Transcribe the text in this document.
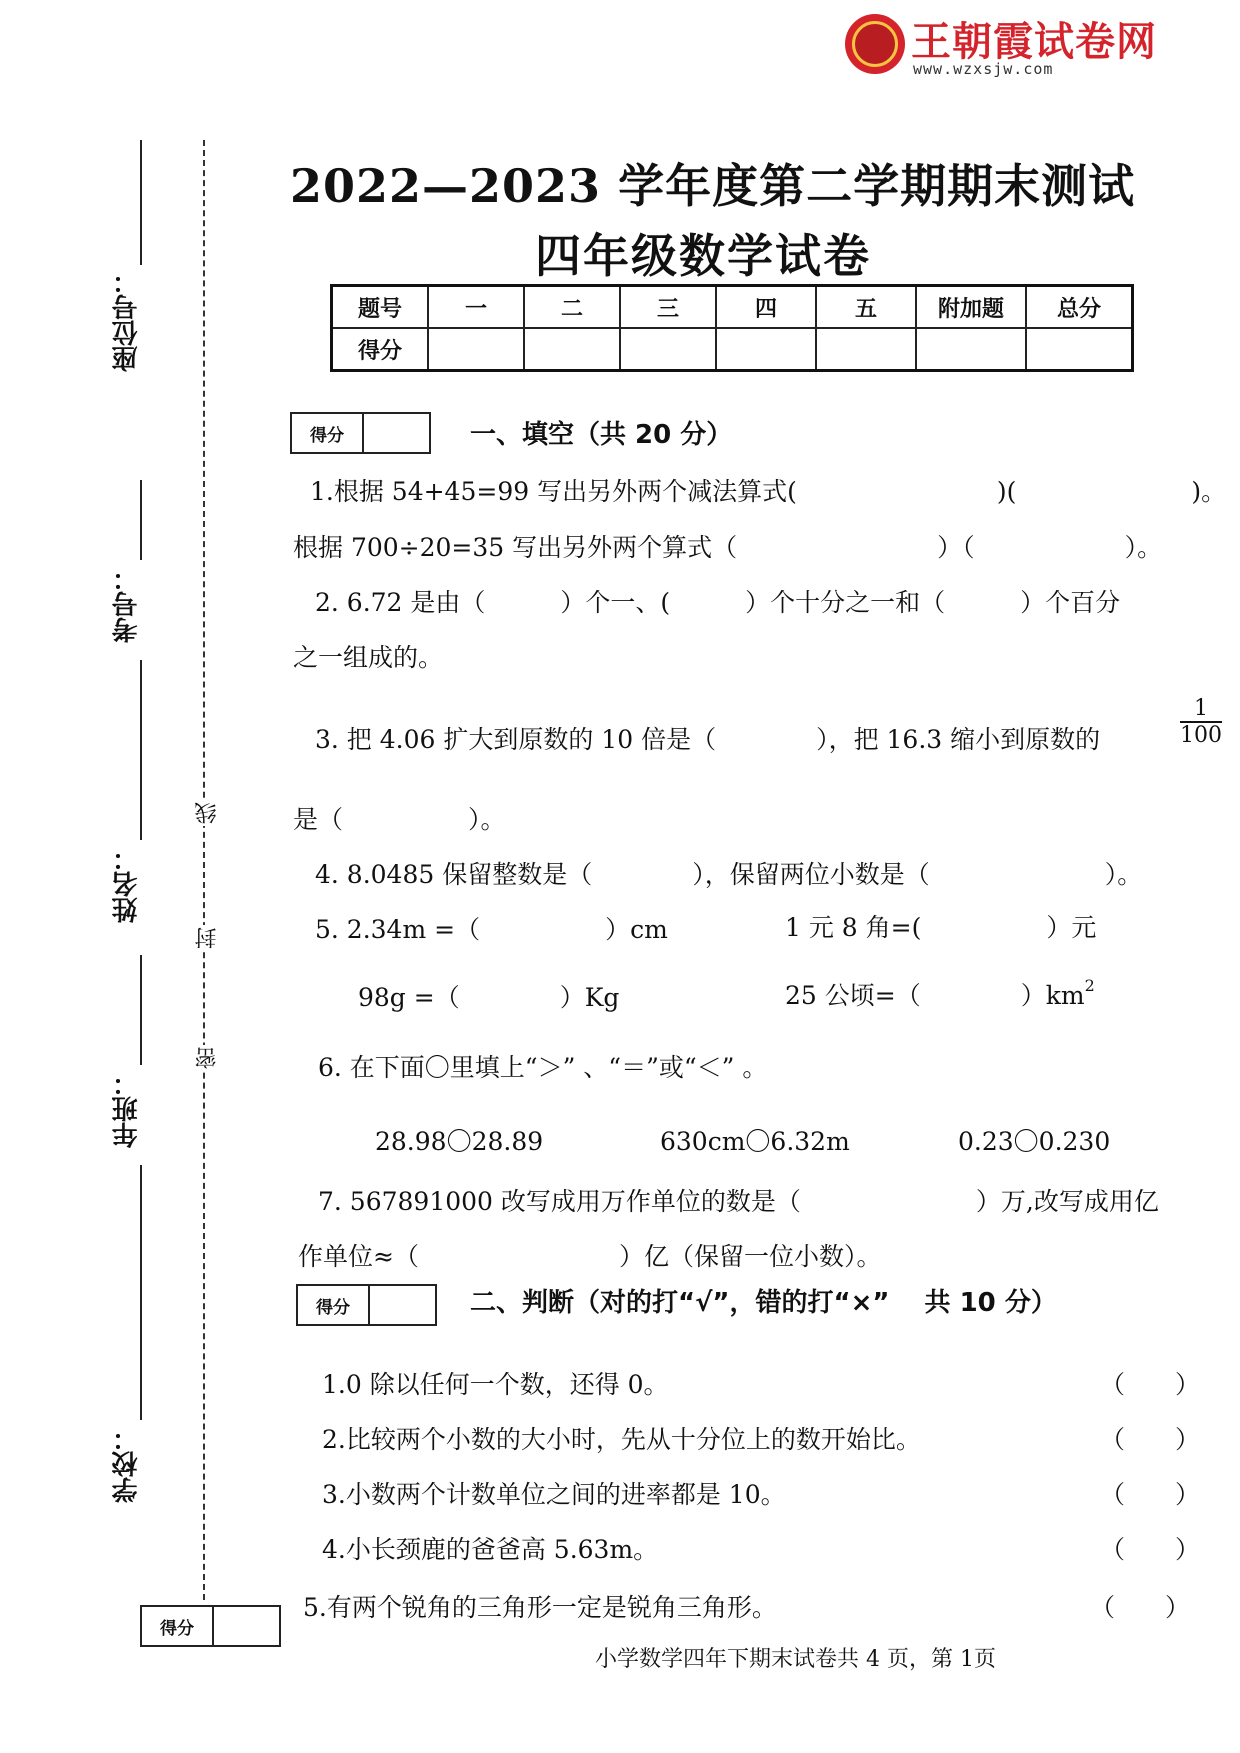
王朝霞试卷网
www.wzxsjw.com
座位号：
考号：
姓名：
年班：
学校：
线
封
密
2022—2023 学年度第二学期期末测试
四年级数学试卷
题号	一	二	三	四	五	附加题	总分
得分							
得分	一、填空（共 20 分）
1.根据 54+45=99 写出另外两个减法算式(　　　　　　　　)(　　　　　　　)。
根据 700÷20=35 写出另外两个算式（　　　　　　　　）（　　　　　　）。
2. 6.72 是由（　　　）个一、(　　　）个十分之一和（　　　）个百分
之一组成的。
3. 把 4.06 扩大到原数的 10 倍是（　　　　），把 16.3 缩小到原数的	$\frac{1}{100}$
是（　　　　　）。
4. 8.0485 保留整数是（　　　　），保留两位小数是（　　　　　　　）。
5. 2.34m =（　　　　　）cm	1 元 8 角=(　　　　　）元
98g =（　　　　）Kg	25 公顷=（　　　　）$km^2$
6. 在下面〇里填上“＞” 、“＝”或“＜” 。
28.98〇28.89	630cm〇6.32m	0.23〇0.230
7. 567891000 改写成用万作单位的数是（　　　　　　　）万,改写成用亿
作单位≈（　　　　　　　　）亿（保留一位小数）。
得分	二、判断（对的打“√”，错的打“×”　 共 10 分）
1.0 除以任何一个数，还得 0。	（　　）
2.比较两个小数的大小时，先从十分位上的数开始比。	（　　）
3.小数两个计数单位之间的进率都是 10。	（　　）
4.小长颈鹿的爸爸高 5.63m。	（　　）
5.有两个锐角的三角形一定是锐角三角形。	（　　）
得分
小学数学四年下期末试卷共 4 页，第 1页
